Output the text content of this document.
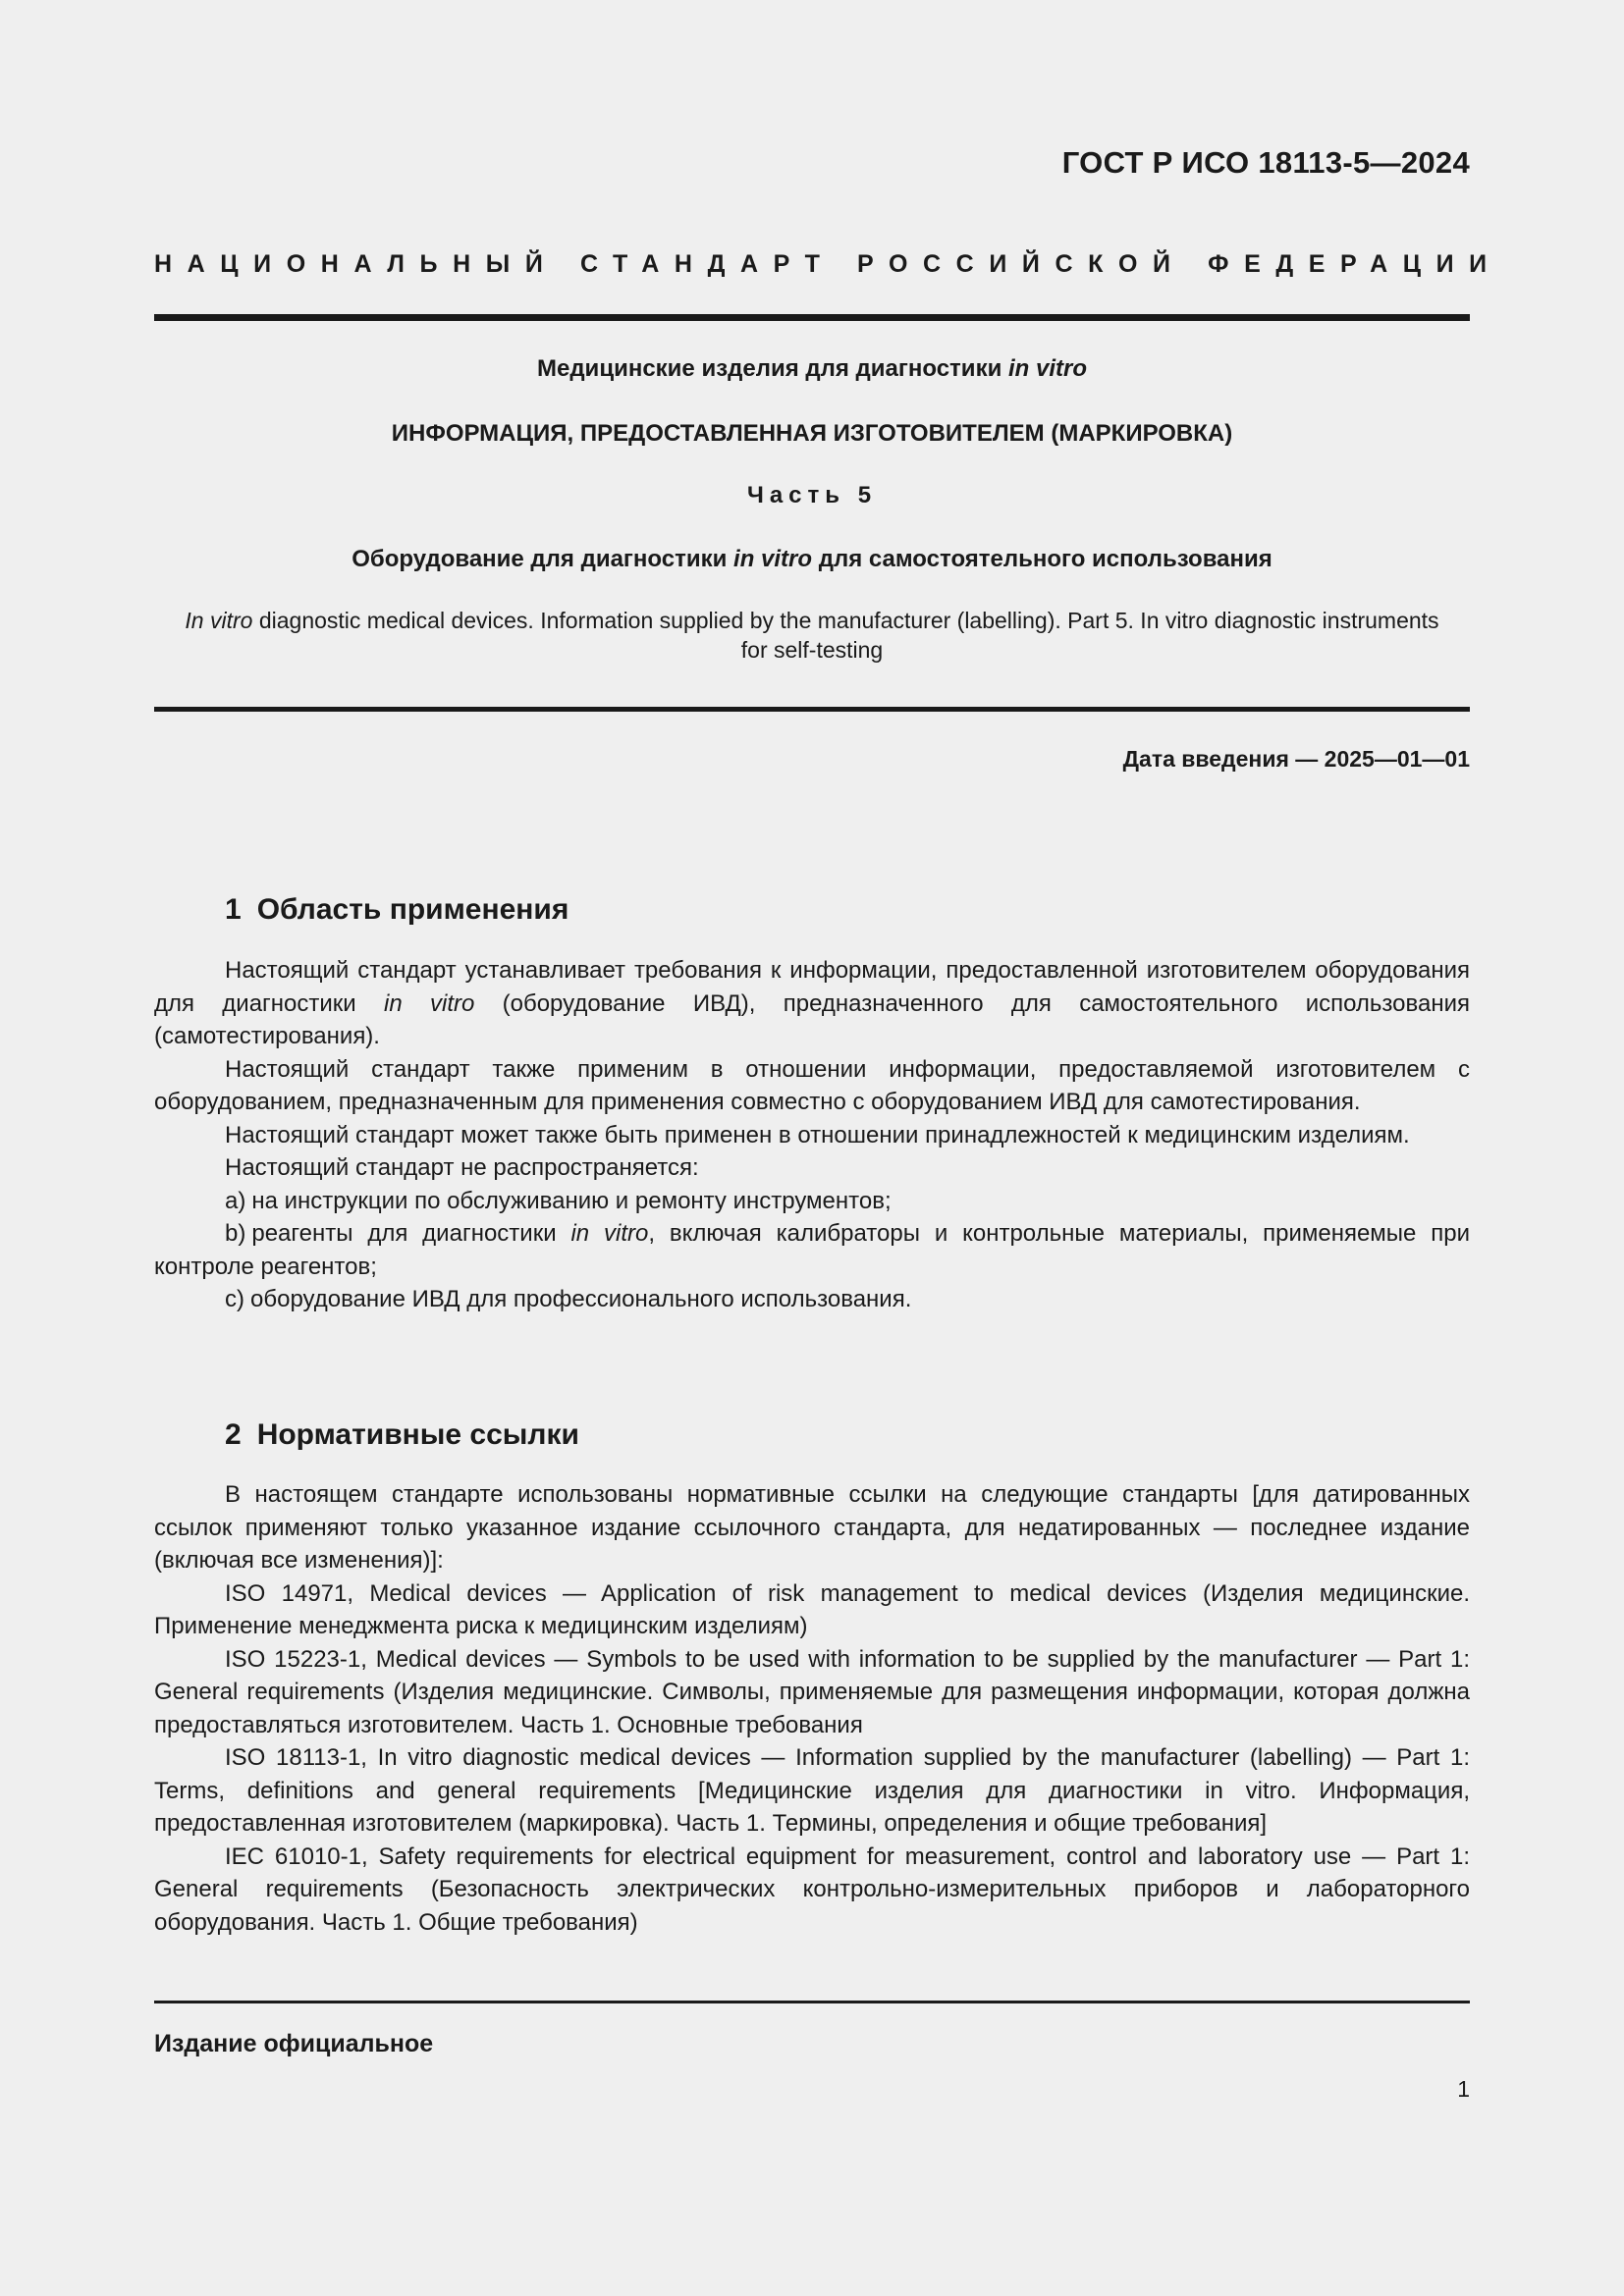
ГОСТ Р ИСО 18113-5—2024
НАЦИОНАЛЬНЫЙ СТАНДАРТ РОССИЙСКОЙ ФЕДЕРАЦИИ
Медицинские изделия для диагностики in vitro
ИНФОРМАЦИЯ, ПРЕДОСТАВЛЕННАЯ ИЗГОТОВИТЕЛЕМ (МАРКИРОВКА)
Часть 5
Оборудование для диагностики in vitro для самостоятельного использования
In vitro diagnostic medical devices. Information supplied by the manufacturer (labelling). Part 5. In vitro diagnostic instruments for self-testing
Дата введения — 2025—01—01
1 Область применения

Настоящий стандарт устанавливает требования к информации, предоставленной изготовителем оборудования для диагностики in vitro (оборудование ИВД), предназначенного для самостоятельного использования (самотестирования).

Настоящий стандарт также применим в отношении информации, предоставляемой изготовителем с оборудованием, предназначенным для применения совместно с оборудованием ИВД для самотестирования.

Настоящий стандарт может также быть применен в отношении принадлежностей к медицинским изделиям.

Настоящий стандарт не распространяется:

a) на инструкции по обслуживанию и ремонту инструментов;

b) реагенты для диагностики in vitro, включая калибраторы и контрольные материалы, применяемые при контроле реагентов;

c) оборудование ИВД для профессионального использования.

2 Нормативные ссылки

В настоящем стандарте использованы нормативные ссылки на следующие стандарты [для датированных ссылок применяют только указанное издание ссылочного стандарта, для недатированных — последнее издание (включая все изменения)]:

ISO 14971, Medical devices — Application of risk management to medical devices (Изделия медицинские. Применение менеджмента риска к медицинским изделиям)

ISO 15223-1, Medical devices — Symbols to be used with information to be supplied by the manufacturer — Part 1: General requirements (Изделия медицинские. Символы, применяемые для размещения информации, которая должна предоставляться изготовителем. Часть 1. Основные требования

ISO 18113-1, In vitro diagnostic medical devices — Information supplied by the manufacturer (labelling) — Part 1: Terms, definitions and general requirements [Медицинские изделия для диагностики in vitro. Информация, предоставленная изготовителем (маркировка). Часть 1. Термины, определения и общие требования]

IEC 61010-1, Safety requirements for electrical equipment for measurement, control and laboratory use — Part 1: General requirements (Безопасность электрических контрольно-измерительных приборов и лабораторного оборудования. Часть 1. Общие требования)

Издание официальное
1
